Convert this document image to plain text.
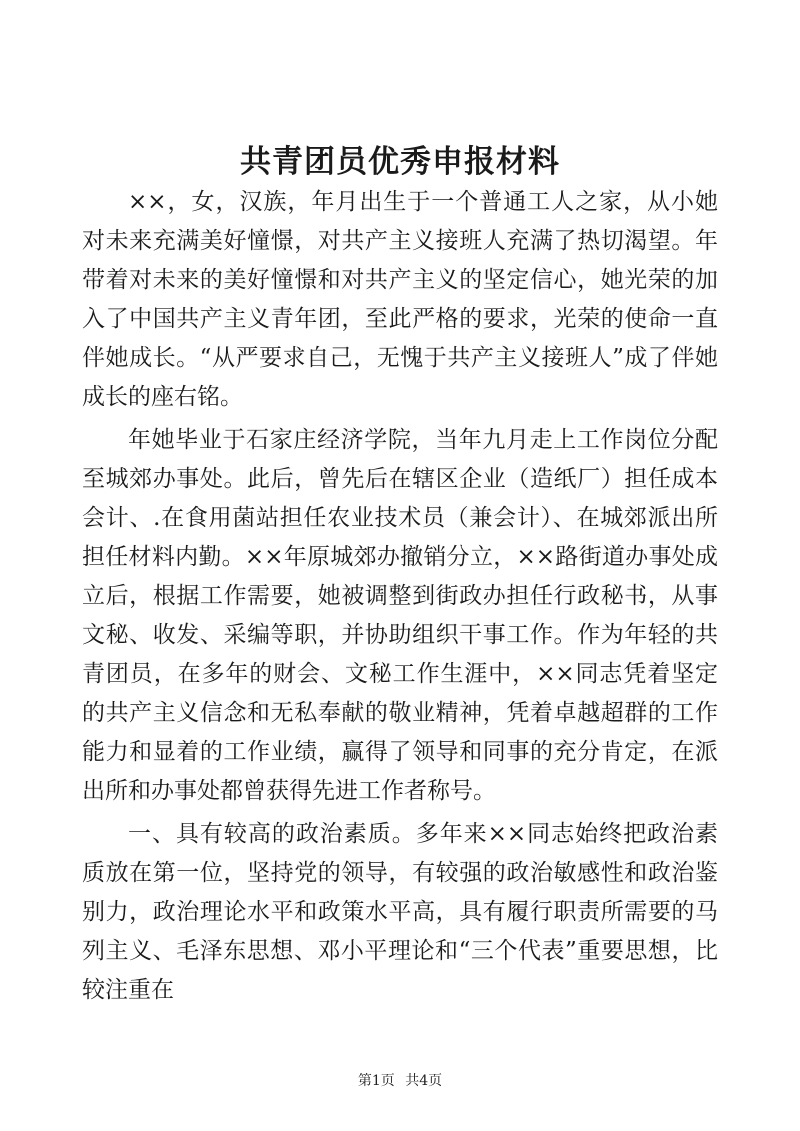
共青团员优秀申报材料

××，女，汉族，年月出生于一个普通工人之家，从小她对未来充满美好憧憬，对共产主义接班人充满了热切渴望。年带着对未来的美好憧憬和对共产主义的坚定信心，她光荣的加入了中国共产主义青年团，至此严格的要求，光荣的使命一直伴她成长。“从严要求自己，无愧于共产主义接班人”成了伴她成长的座右铭。

年她毕业于石家庄经济学院，当年九月走上工作岗位分配至城郊办事处。此后，曾先后在辖区企业（造纸厂）担任成本会计、.在食用菌站担任农业技术员（兼会计）、在城郊派出所担任材料内勤。××年原城郊办撤销分立，××路街道办事处成立后，根据工作需要，她被调整到街政办担任行政秘书，从事文秘、收发、采编等职，并协助组织干事工作。作为年轻的共青团员，在多年的财会、文秘工作生涯中，××同志凭着坚定的共产主义信念和无私奉献的敬业精神，凭着卓越超群的工作能力和显着的工作业绩，赢得了领导和同事的充分肯定，在派出所和办事处都曾获得先进工作者称号。

一、具有较高的政治素质。多年来××同志始终把政治素质放在第一位，坚持党的领导，有较强的政治敏感性和政治鉴别力，政治理论水平和政策水平高，具有履行职责所需要的马列主义、毛泽东思想、邓小平理论和“三个代表”重要思想，比较注重在

第1页 共4页
